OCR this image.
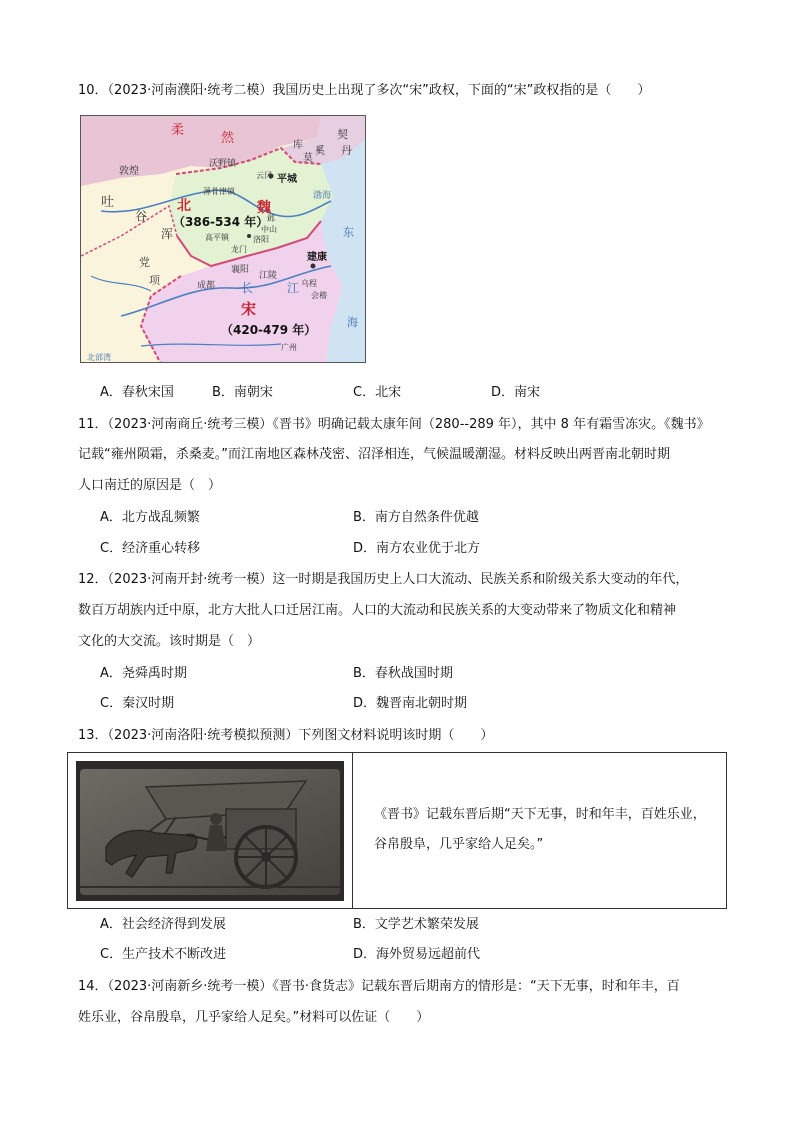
10．（2023·河南濮阳·统考二模）我国历史上出现了多次“宋”政权，下面的“宋”政权指的是（　　）
柔
然	库
莫
奚
契
丹
敦煌
沃野镇
云冈 平城
吐
谷
浑
北	魏
（386-534 年）
渤海
薄骨律镇
高平镇
中山
邺
龙门
洛阳
党
项
襄阳
江陵
建康
乌程
会稽
成都 长	江
东
海
宋
（420-479 年）
广州
北部湾
A．春秋宋国	B．南朝宋	C．北宋	D．南宋
11．（2023·河南商丘·统考三模）《晋书》明确记载太康年间（280--289 年），其中 8 年有霜雪冻灾。《魏书》
记载“雍州陨霜，杀桑麦。”而江南地区森林茂密、沼泽相连，气候温暖潮湿。材料反映出两晋南北朝时期
人口南迁的原因是（　）
A．北方战乱频繁	B．南方自然条件优越
C．经济重心转移	D．南方农业优于北方
12．（2023·河南开封·统考一模）这一时期是我国历史上人口大流动、民族关系和阶级关系大变动的年代，
数百万胡族内迁中原，北方大批人口迁居江南。人口的大流动和民族关系的大变动带来了物质文化和精神
文化的大交流。该时期是（　）
A．尧舜禹时期	B．春秋战国时期
C．秦汉时期	D．魏晋南北朝时期
13．（2023·河南洛阳·统考模拟预测）下列图文材料说明该时期（　　）
《晋书》记载东晋后期“天下无事，时和年丰，百姓乐业，
谷帛殷阜，几乎家给人足矣。”
A．社会经济得到发展	B．文学艺术繁荣发展
C．生产技术不断改进	D．海外贸易远超前代
14．（2023·河南新乡·统考一模）《晋书·食货志》记载东晋后期南方的情形是：“天下无事，时和年丰，百
姓乐业，谷帛殷阜，几乎家给人足矣。”材料可以佐证（　　）
